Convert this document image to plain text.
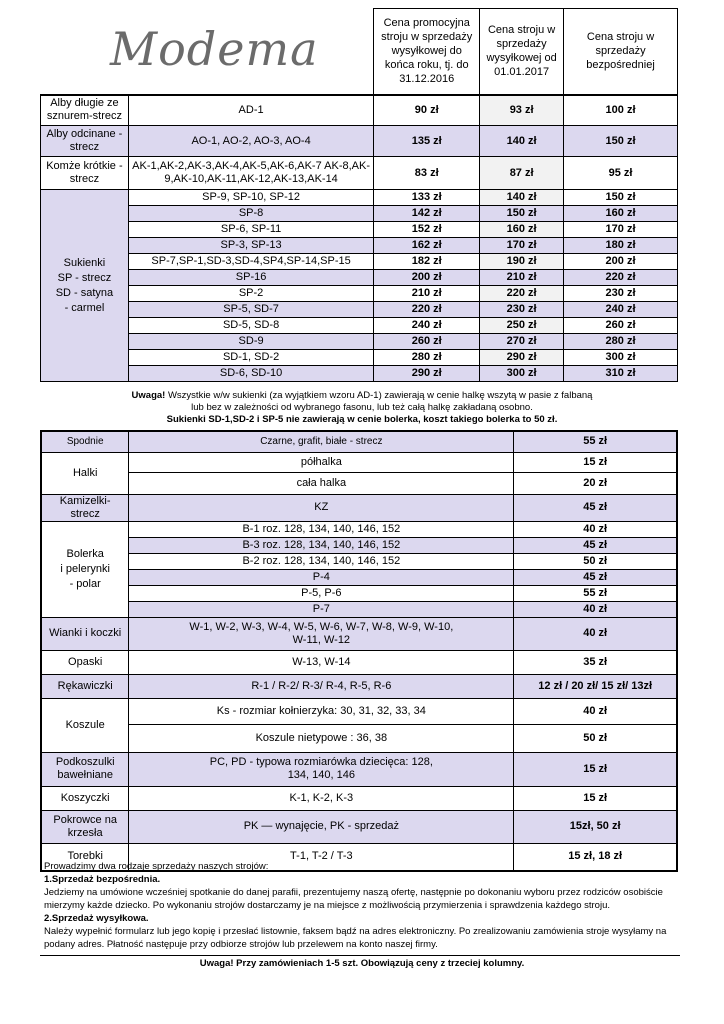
Modema
		Cena promocyjna stroju w sprzedaży wysyłkowej do końca roku, tj. do 31.12.2016	Cena stroju w sprzedaży wysyłkowej od 01.01.2017	Cena stroju w sprzedaży bezpośredniej
Alby długie ze sznurem-strecz	AD-1	90 zł	93 zł	100 zł
Alby odcinane - strecz	AO-1, AO-2, AO-3, AO-4	135 zł	140 zł	150 zł
Komże krótkie - strecz	AK-1,AK-2,AK-3,AK-4,AK-5,AK-6,AK-7 AK-8,AK-9,AK-10,AK-11,AK-12,AK-13,AK-14	83 zł	87 zł	95 zł

Sukienki
SP - strecz
SD - satyna
- carmel	SP-9, SP-10, SP-12	133 zł	140 zł	150 zł
	SP-8	142 zł	150 zł	160 zł
	SP-6, SP-11	152 zł	160 zł	170 zł
	SP-3, SP-13	162 zł	170 zł	180 zł
	SP-7,SP-1,SD-3,SD-4,SP4,SP-14,SP-15	182 zł	190 zł	200 zł
	SP-16	200 zł	210 zł	220 zł
	SP-2	210 zł	220 zł	230 zł
	SP-5, SD-7	220 zł	230 zł	240 zł
	SD-5, SD-8	240 zł	250 zł	260 zł
	SD-9	260 zł	270 zł	280 zł
	SD-1, SD-2	280 zł	290 zł	300 zł
	SD-6, SD-10	290 zł	300 zł	310 zł
Uwaga! Wszystkie w/w sukienki (za wyjątkiem wzoru AD-1) zawierają w cenie halkę wszytą w pasie z falbaną
lub bez w zależności od wybranego fasonu, lub też całą halkę zakładaną osobno.
Sukienki SD-1,SD-2 i SP-5 nie zawierają w cenie bolerka, koszt takiego bolerka to 50 zł.
Spodnie	Czarne, grafit, białe - strecz	55 zł
Halki	półhalka	15 zł
	cała halka	20 zł
Kamizelki- strecz	KZ	45 zł

Bolerka
i pelerynki
- polar	B-1 roz. 128, 134, 140, 146, 152	40 zł
	B-3 roz. 128, 134, 140, 146, 152	45 zł
	B-2 roz. 128, 134, 140, 146, 152	50 zł
	P-4	45 zł
	P-5, P-6	55 zł
	P-7	40 zł
Wianki i koczki	W-1, W-2, W-3, W-4, W-5, W-6, W-7, W-8, W-9, W-10, W-11, W-12	40 zł
Opaski	W-13, W-14	35 zł
Rękawiczki	R-1 / R-2/ R-3/ R-4, R-5, R-6	12 zł / 20 zł/ 15 zł/ 13zł
Koszule	Ks - rozmiar kołnierzyka: 30, 31, 32, 33, 34	40 zł
	Koszule nietypowe : 36, 38	50 zł
Podkoszulki bawełniane	PC, PD - typowa rozmiarówka dziecięca: 128, 134, 140, 146	15 zł
Koszyczki	K-1, K-2, K-3	15 zł
Pokrowce na krzesła	PK — wynajęcie, PK - sprzedaż	15zł, 50 zł
Torebki	T-1, T-2 / T-3	15 zł, 18 zł
Prowadzimy dwa rodzaje sprzedaży naszych strojów:
1.Sprzedaż bezpośrednia.
Jedziemy na umówione wcześniej spotkanie do danej parafii, prezentujemy naszą ofertę, następnie po dokonaniu wyboru przez rodziców osobiście mierzymy każde dziecko. Po wykonaniu strojów dostarczamy je na miejsce z możliwością przymierzenia i sprawdzenia każdego stroju.
2.Sprzedaż wysyłkowa.
Należy wypełnić formularz lub jego kopię i przesłać listownie, faksem bądź na adres elektroniczny. Po zrealizowaniu zamówienia stroje wysyłamy na podany adres. Płatność następuje przy odbiorze strojów lub przelewem na konto naszej firmy.
Uwaga! Przy zamówieniach 1-5 szt. Obowiązują ceny z trzeciej kolumny.
